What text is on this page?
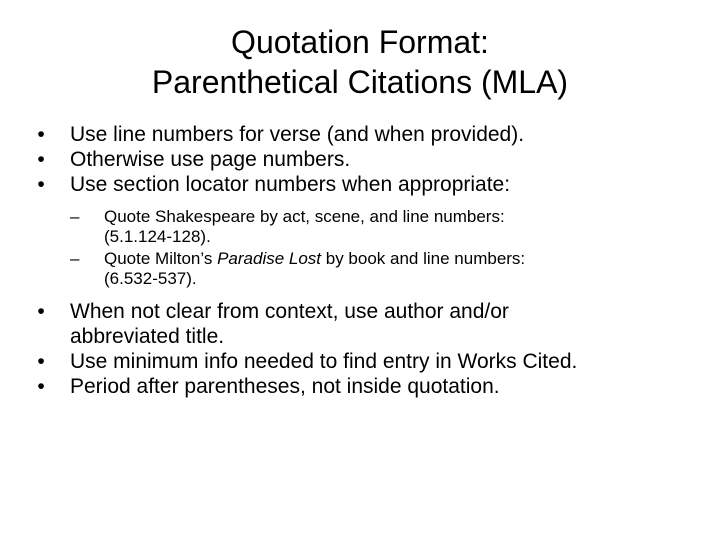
Quotation Format:
Parenthetical Citations (MLA)
• Use line numbers for verse (and when provided).
• Otherwise use page numbers.
• Use section locator numbers when appropriate:
– Quote Shakespeare by act, scene, and line numbers:
(5.1.124-128).
– Quote Milton’s Paradise Lost by book and line numbers:
(6.532-537).
• When not clear from context, use author and/or
abbreviated title.
• Use minimum info needed to find entry in Works Cited.
• Period after parentheses, not inside quotation.
